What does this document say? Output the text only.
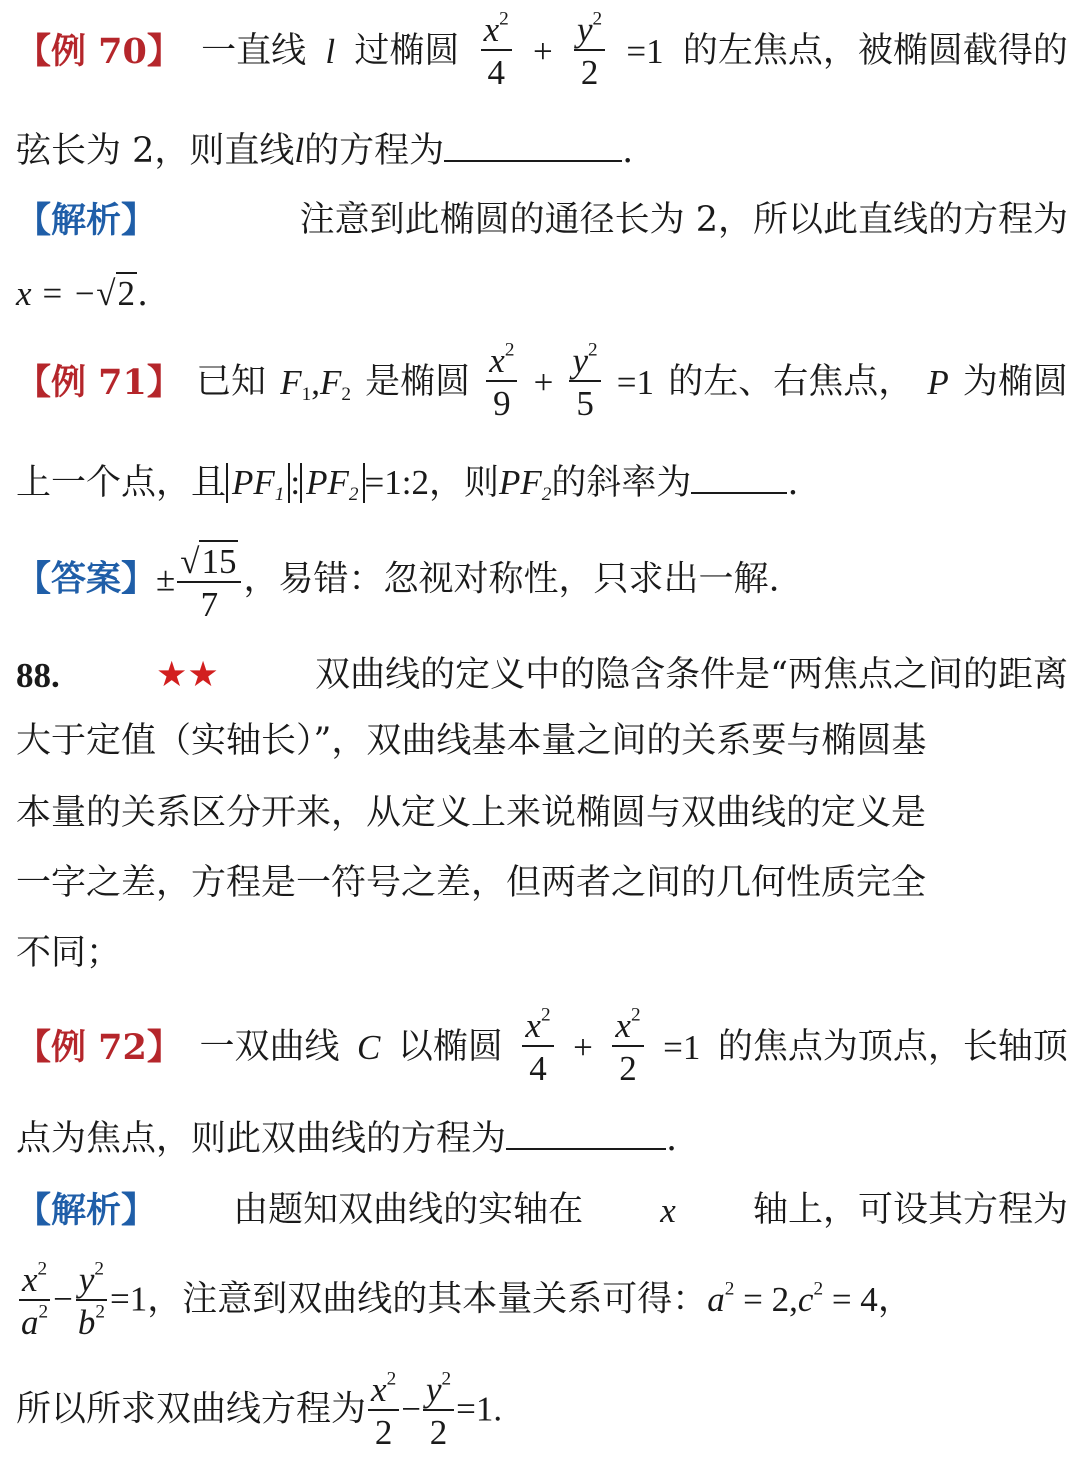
【例 70】 一直线 l 过椭圆 $\frac{x^2}{4} + \frac{y^2}{2} =1$ 的左焦点，被椭圆截得的
弦长为 2，则直线l的方程为	.
【解析】	注意到此椭圆的通径长为 2，所以此直线的方程为
x = −√2.
【例 71】 已知 $F_1,F_2$ 是椭圆 $\frac{x^2}{9} + \frac{y^2}{5} =1$ 的左、右焦点， P 为椭圆
上一个点，且 $PF_1$ : $PF_2$ =1:2，则$PF_2$的斜率为	.
【答案】± $\frac{√15}{7}$ ，易错：忽视对称性，只求出一解.
88.	★★	双曲线的定义中的隐含条件是“两焦点之间的距离
大于定值（实轴长）”，双曲线基本量之间的关系要与椭圆基
本量的关系区分开来，从定义上来说椭圆与双曲线的定义是
一字之差，方程是一符号之差，但两者之间的几何性质完全
不同；
【例 72】 一双曲线 C 以椭圆 $\frac{x^2}{4} + \frac{x^2}{2} =1$ 的焦点为顶点，长轴顶
点为焦点，则此双曲线的方程为	.
【解析】 由题知双曲线的实轴在 x 轴上，可设其方程为
$\frac{x^2}{a^2} - \frac{y^2}{b^2} =1$，注意到双曲线的其本量关系可得：$a^2 = 2,c^2 = 4$，
所以所求双曲线方程为 $\frac{x^2}{2} - \frac{y^2}{2} =1$.
